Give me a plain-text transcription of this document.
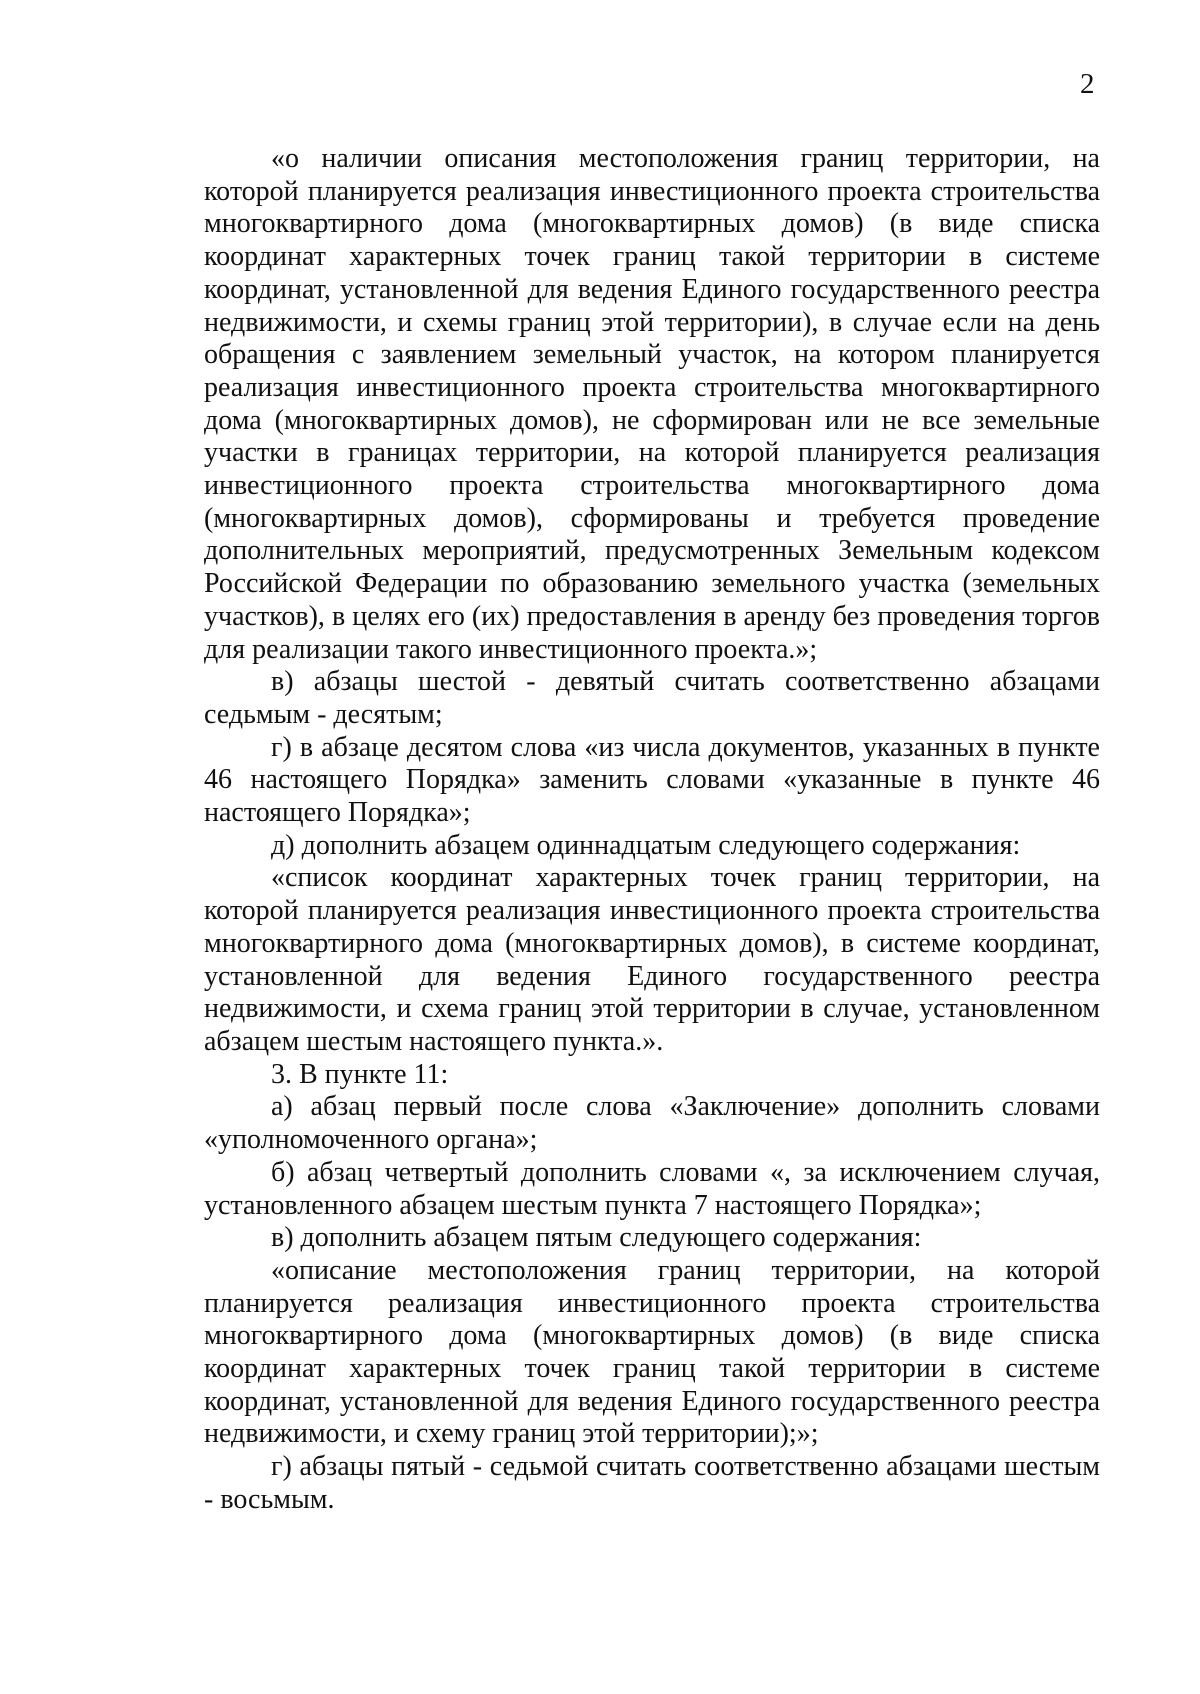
2

«о наличии описания местоположения границ территории, на которой планируется реализация инвестиционного проекта строительства многоквартирного дома (многоквартирных домов) (в виде списка координат характерных точек границ такой территории в системе координат, установленной для ведения Единого государственного реестра недвижимости, и схемы границ этой территории), в случае если на день обращения с заявлением земельный участок, на котором планируется реализация инвестиционного проекта строительства многоквартирного дома (многоквартирных домов), не сформирован или не все земельные участки в границах территории, на которой планируется реализация инвестиционного проекта строительства многоквартирного дома (многоквартирных домов), сформированы и требуется проведение дополнительных мероприятий, предусмотренных Земельным кодексом Российской Федерации по образованию земельного участка (земельных участков), в целях его (их) предоставления в аренду без проведения торгов для реализации такого инвестиционного проекта.»;

в) абзацы шестой - девятый считать соответственно абзацами седьмым - десятым;

г) в абзаце десятом слова «из числа документов, указанных в пункте 46 настоящего Порядка» заменить словами «указанные в пункте 46 настоящего Порядка»;

д) дополнить абзацем одиннадцатым следующего содержания:

«список координат характерных точек границ территории, на которой планируется реализация инвестиционного проекта строительства многоквартирного дома (многоквартирных домов), в системе координат, установленной для ведения Единого государственного реестра недвижимости, и схема границ этой территории в случае, установленном абзацем шестым настоящего пункта.».

3. В пункте 11:

а) абзац первый после слова «Заключение» дополнить словами «уполномоченного органа»;

б) абзац четвертый дополнить словами «, за исключением случая, установленного абзацем шестым пункта 7 настоящего Порядка»;

в) дополнить абзацем пятым следующего содержания:

«описание местоположения границ территории, на которой планируется реализация инвестиционного проекта строительства многоквартирного дома (многоквартирных домов) (в виде списка координат характерных точек границ такой территории в системе координат, установленной для ведения Единого государственного реестра недвижимости, и схему границ этой территории);»;

г) абзацы пятый - седьмой считать соответственно абзацами шестым - восьмым.
